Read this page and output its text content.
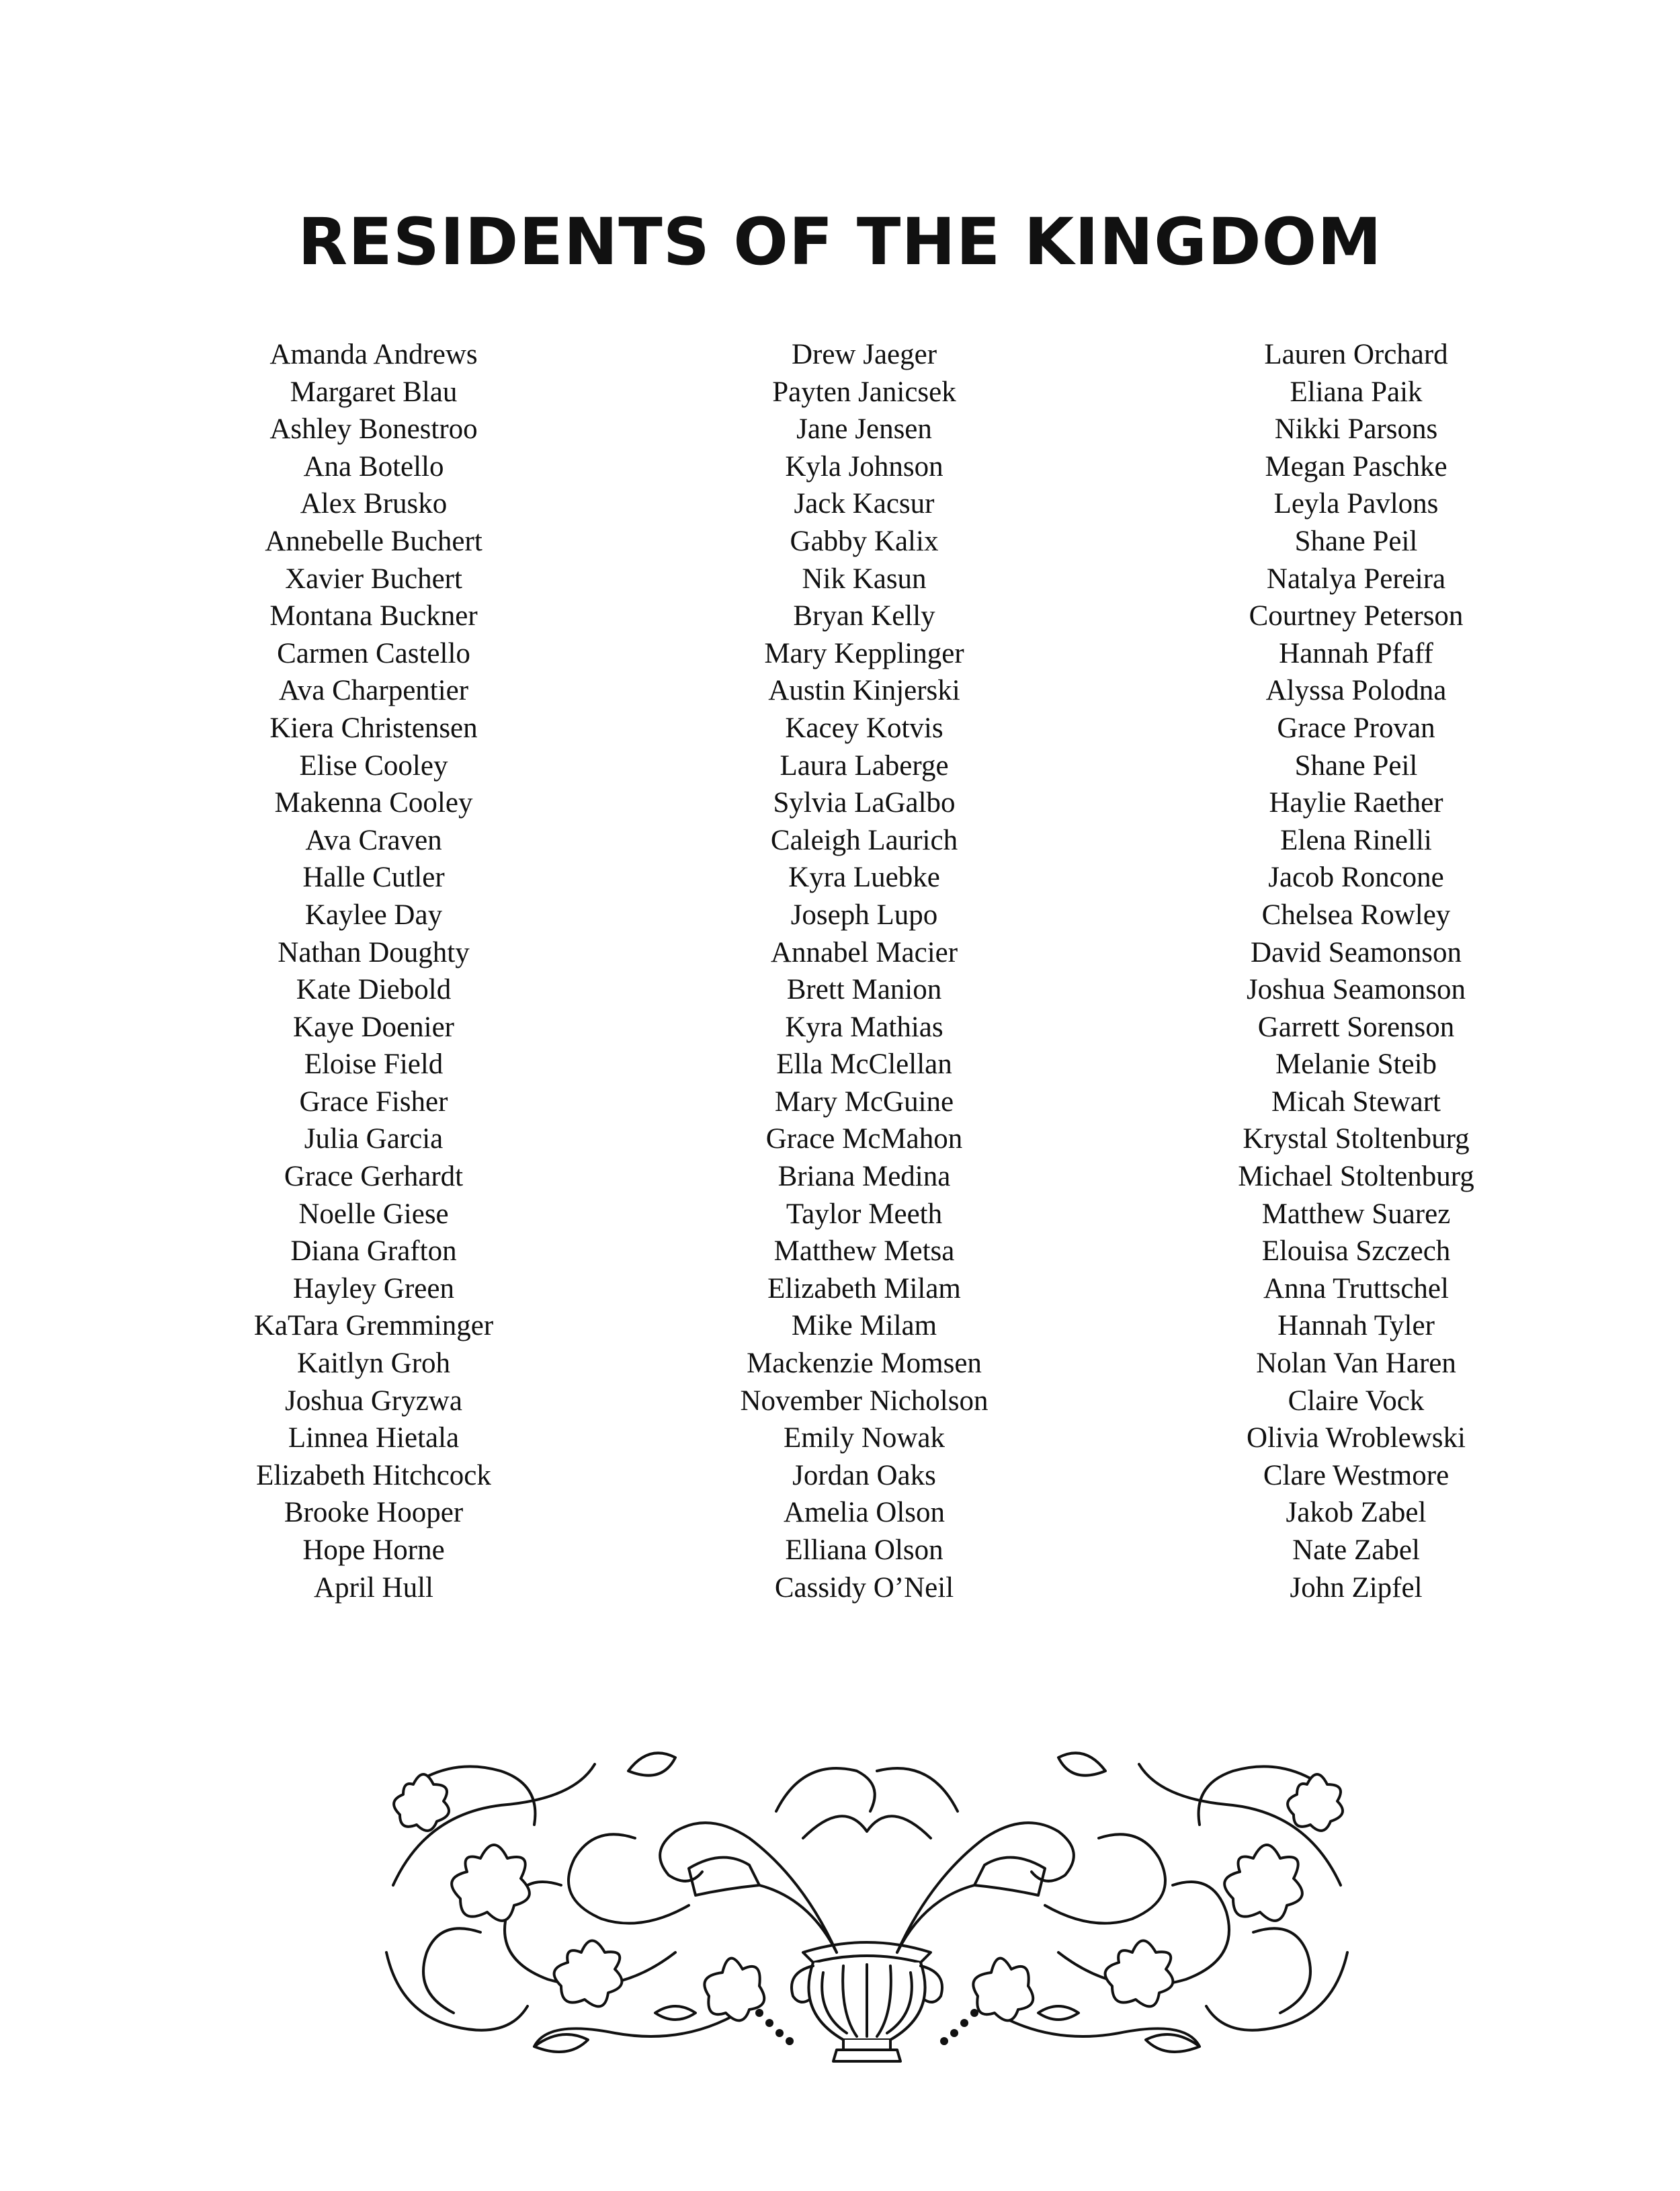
RESIDENTS OF THE KINGDOM
Amanda Andrews
Margaret Blau
Ashley Bonestroo
Ana Botello
Alex Brusko
Annebelle Buchert
Xavier Buchert
Montana Buckner
Carmen Castello
Ava Charpentier
Kiera Christensen
Elise Cooley
Makenna Cooley
Ava Craven
Halle Cutler
Kaylee Day
Nathan Doughty
Kate Diebold
Kaye Doenier
Eloise Field
Grace Fisher
Julia Garcia
Grace Gerhardt
Noelle Giese
Diana Grafton
Hayley Green
KaTara Gremminger
Kaitlyn Groh
Joshua Gryzwa
Linnea Hietala
Elizabeth Hitchcock
Brooke Hooper
Hope Horne
April Hull
Drew Jaeger
Payten Janicsek
Jane Jensen
Kyla Johnson
Jack Kacsur
Gabby Kalix
Nik Kasun
Bryan Kelly
Mary Kepplinger
Austin Kinjerski
Kacey Kotvis
Laura Laberge
Sylvia LaGalbo
Caleigh Laurich
Kyra Luebke
Joseph Lupo
Annabel Macier
Brett Manion
Kyra Mathias
Ella McClellan
Mary McGuine
Grace McMahon
Briana Medina
Taylor Meeth
Matthew Metsa
Elizabeth Milam
Mike Milam
Mackenzie Momsen
November Nicholson
Emily Nowak
Jordan Oaks
Amelia Olson
Elliana Olson
Cassidy O’Neil
Lauren Orchard
Eliana Paik
Nikki Parsons
Megan Paschke
Leyla Pavlons
Shane Peil
Natalya Pereira
Courtney Peterson
Hannah Pfaff
Alyssa Polodna
Grace Provan
Shane Peil
Haylie Raether
Elena Rinelli
Jacob Roncone
Chelsea Rowley
David Seamonson
Joshua Seamonson
Garrett Sorenson
Melanie Steib
Micah Stewart
Krystal Stoltenburg
Michael Stoltenburg
Matthew Suarez
Elouisa Szczech
Anna Truttschel
Hannah Tyler
Nolan Van Haren
Claire Vock
Olivia Wroblewski
Clare Westmore
Jakob Zabel
Nate Zabel
John Zipfel
